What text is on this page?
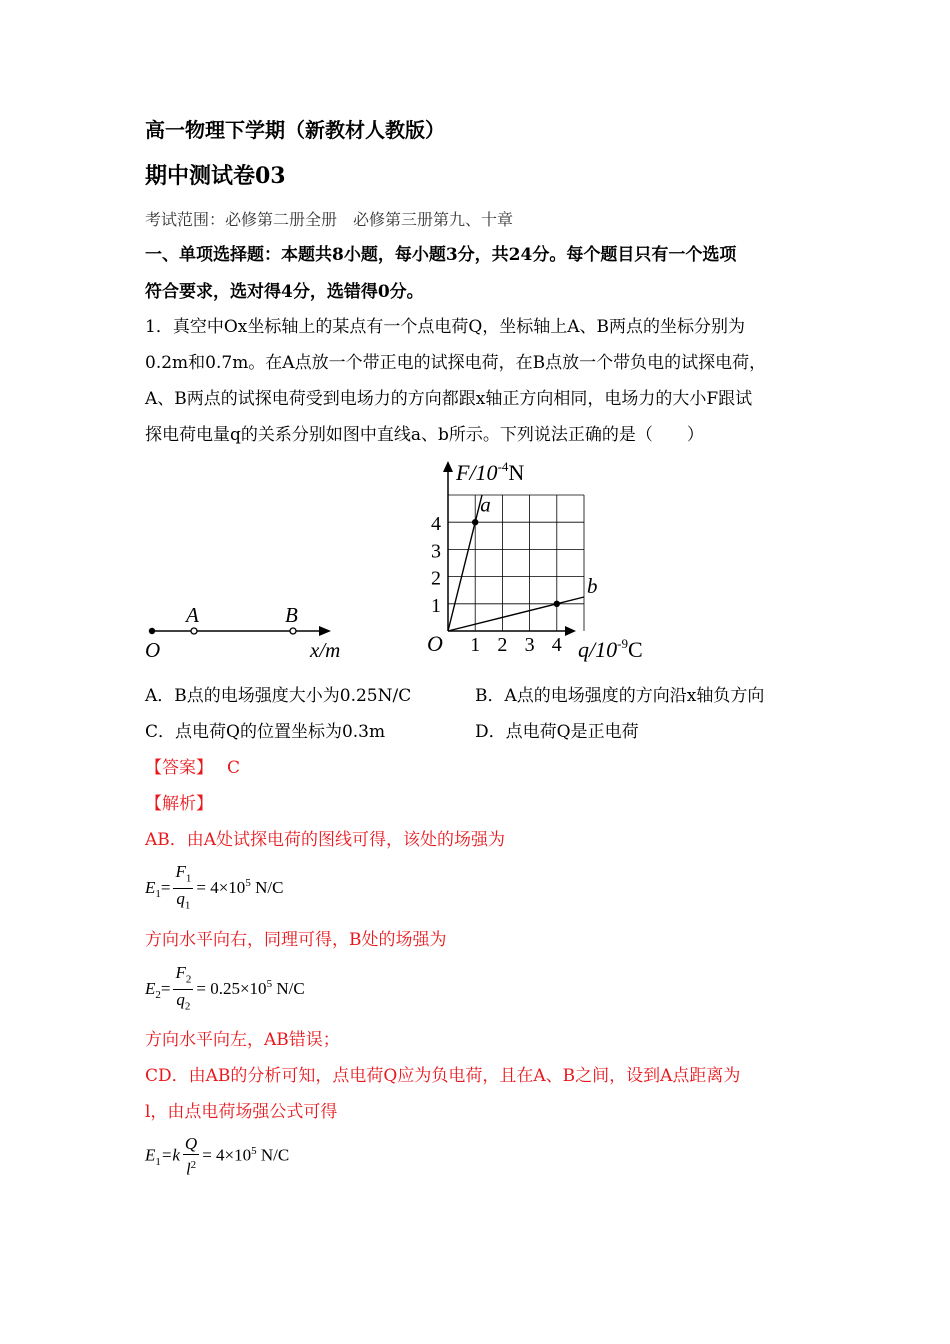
高一物理下学期（新教材人教版）
期中测试卷03
考试范围：必修第二册全册　必修第三册第九、十章
一、单项选择题：本题共8小题，每小题3分，共24分。每个题目只有一个选项
符合要求，选对得4分，选错得0分。
1．真空中Ox坐标轴上的某点有一个点电荷Q，坐标轴上A、B两点的坐标分别为
0.2m和0.7m。在A点放一个带正电的试探电荷，在B点放一个带负电的试探电荷，
A、B两点的试探电荷受到电场力的方向都跟x轴正方向相同，电场力的大小F跟试
探电荷电量q的关系分别如图中直线a、b所示。下列说法正确的是（　　）
O
A	B
x/m
a
b
1 2 3 4
1
2
3
4
$F/10^{-4}N$
$q/10^{-9}C$
O
A．B点的电场强度大小为0.25N/C	B．A点的电场强度的方向沿x轴负方向
C．点电荷Q的位置坐标为0.3m	D．点电荷Q是正电荷
【答案】 C
【解析】
AB．由A处试探电荷的图线可得，该处的场强为
$E_1= \frac{F_1}{q_1} = 4\times 10^5$ N/C
方向水平向右，同理可得，B处的场强为
$E_2= \frac{F_2}{q_2} = 0.25\times 10^5$ N/C
方向水平向左，AB错误；
CD．由AB的分析可知，点电荷Q应为负电荷，且在A、B之间，设到A点距离为
l，由点电荷场强公式可得
$E_1=k \frac{Q}{l^2} = 4\times 10^5$ N/C
